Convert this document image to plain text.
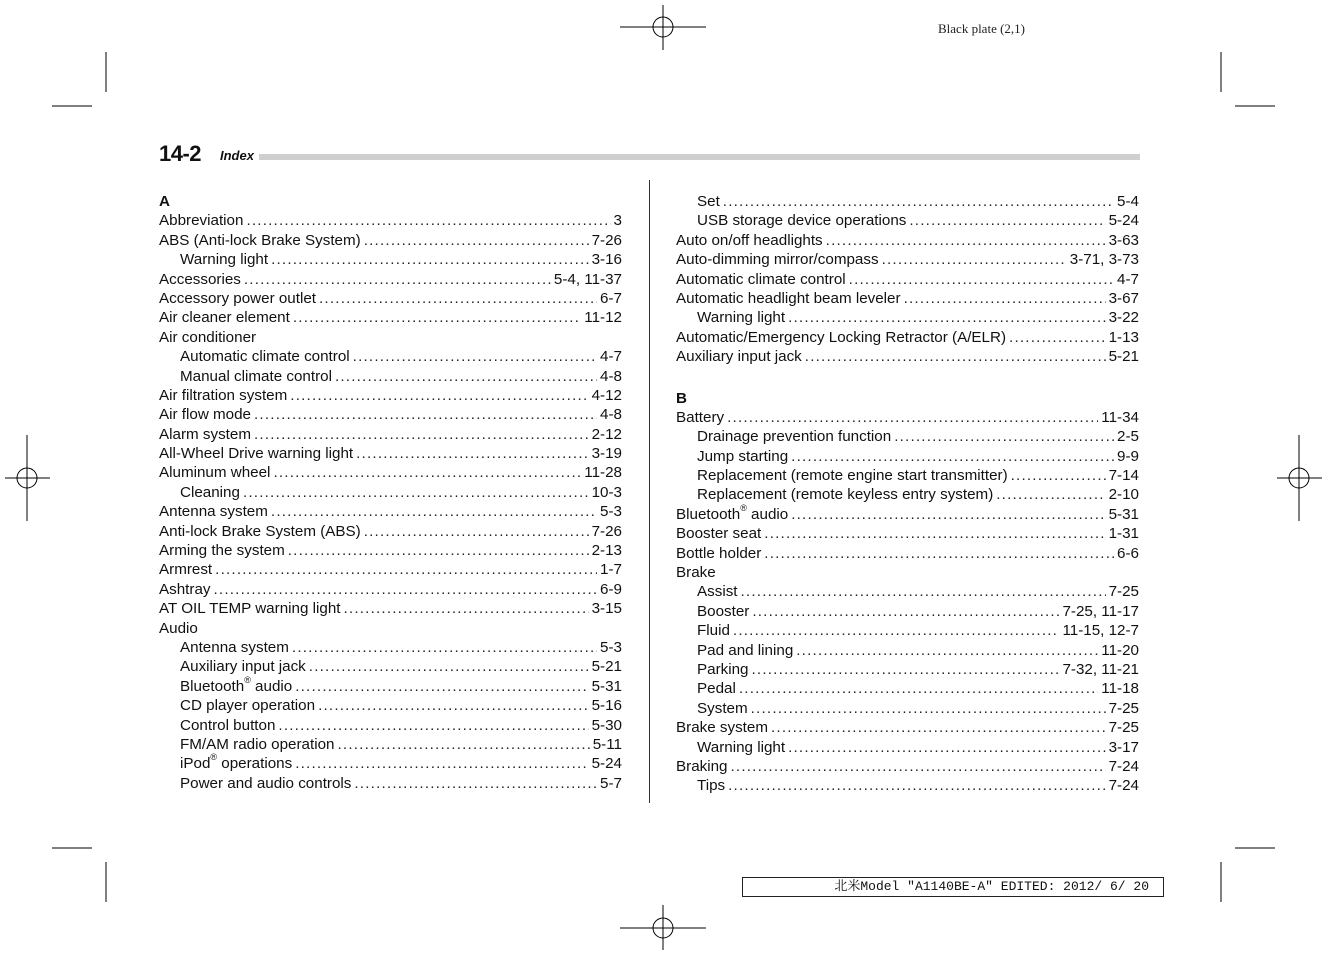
Black plate (2,1)
14-2 Index
A
Abbreviation .....	3
ABS (Anti-lock Brake System) .....	7-26
Warning light .....	3-16
Accessories .....	5-4, 11-37
Accessory power outlet .....	6-7
Air cleaner element .....	11-12
Air conditioner
Automatic climate control .....	4-7
Manual climate control .....	4-8
Air filtration system .....	4-12
Air flow mode .....	4-8
Alarm system .....	2-12
All-Wheel Drive warning light .....	3-19
Aluminum wheel .....	11-28
Cleaning .....	10-3
Antenna system .....	5-3
Anti-lock Brake System (ABS) .....	7-26
Arming the system .....	2-13
Armrest .....	1-7
Ashtray .....	6-9
AT OIL TEMP warning light .....	3-15
Audio
Antenna system .....	5-3
Auxiliary input jack .....	5-21
Bluetooth® audio .....	5-31
CD player operation .....	5-16
Control button .....	5-30
FM/AM radio operation .....	5-11
iPod® operations .....	5-24
Power and audio controls .....	5-7
Set .....	5-4
USB storage device operations .....	5-24
Auto on/off headlights .....	3-63
Auto-dimming mirror/compass .....	3-71, 3-73
Automatic climate control .....	4-7
Automatic headlight beam leveler .....	3-67
Warning light .....	3-22
Automatic/Emergency Locking Retractor (A/ELR) .....	1-13
Auxiliary input jack .....	5-21
B
Battery .....	11-34
Drainage prevention function .....	2-5
Jump starting .....	9-9
Replacement (remote engine start transmitter) .....	7-14
Replacement (remote keyless entry system) .....	2-10
Bluetooth® audio .....	5-31
Booster seat .....	1-31
Bottle holder .....	6-6
Brake
Assist .....	7-25
Booster .....	7-25, 11-17
Fluid .....	11-15, 12-7
Pad and lining .....	11-20
Parking .....	7-32, 11-21
Pedal .....	11-18
System .....	7-25
Brake system .....	7-25
Warning light .....	3-17
Braking .....	7-24
Tips .....	7-24
北米Model "A1140BE-A" EDITED: 2012/ 6/ 20
